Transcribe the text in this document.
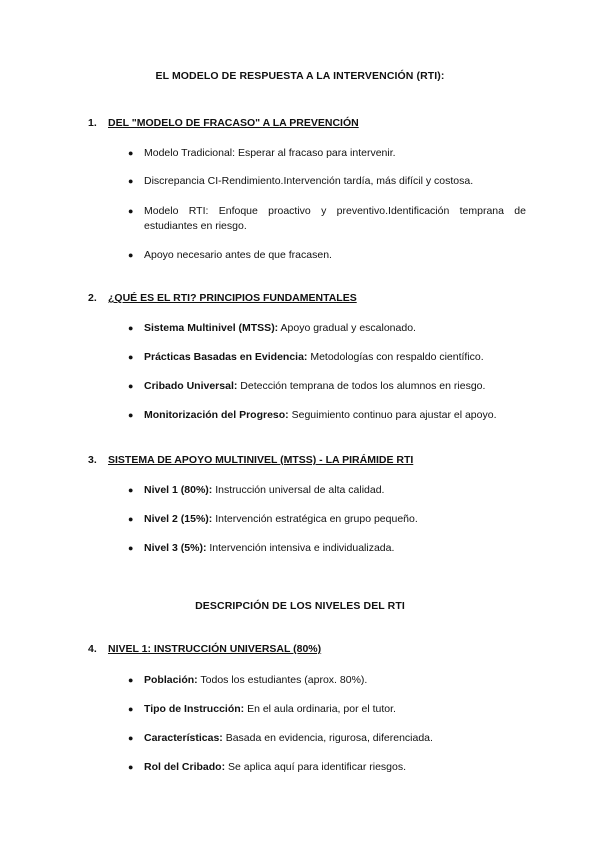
EL MODELO DE RESPUESTA A LA INTERVENCIÓN (RTI):
1. DEL "MODELO DE FRACASO" A LA PREVENCIÓN
● Modelo Tradicional: Esperar al fracaso para intervenir.
● Discrepancia CI-Rendimiento.Intervención tardía, más difícil y costosa.
● Modelo RTI: Enfoque proactivo y preventivo.Identificación temprana de estudiantes en riesgo.
● Apoyo necesario antes de que fracasen.
2. ¿QUÉ ES EL RTI? PRINCIPIOS FUNDAMENTALES
● Sistema Multinivel (MTSS): Apoyo gradual y escalonado.
● Prácticas Basadas en Evidencia: Metodologías con respaldo científico.
● Cribado Universal: Detección temprana de todos los alumnos en riesgo.
● Monitorización del Progreso: Seguimiento continuo para ajustar el apoyo.
3. SISTEMA DE APOYO MULTINIVEL (MTSS) - LA PIRÁMIDE RTI
● Nivel 1 (80%): Instrucción universal de alta calidad.
● Nivel 2 (15%): Intervención estratégica en grupo pequeño.
● Nivel 3 (5%): Intervención intensiva e individualizada.
DESCRIPCIÓN DE LOS NIVELES DEL RTI
4. NIVEL 1: INSTRUCCIÓN UNIVERSAL (80%)
● Población: Todos los estudiantes (aprox. 80%).
● Tipo de Instrucción: En el aula ordinaria, por el tutor.
● Características: Basada en evidencia, rigurosa, diferenciada.
● Rol del Cribado: Se aplica aquí para identificar riesgos.
